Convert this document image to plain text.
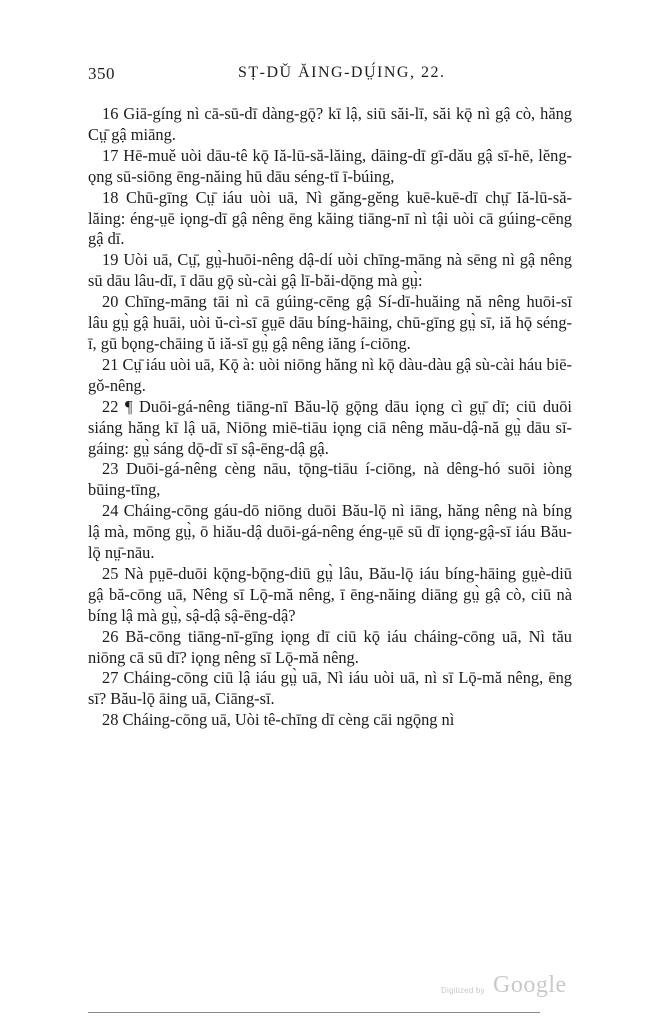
350	SṬ-DǓ ĂING-DṲ́ING, 22.

16 Giā-gíng nì cā-sū-dī dàng-gǭ? kī lậ, siū săi-lī, săi kǭ nì gậ cò, hăng Cṳ̄ gậ miāng.

17 Hē-muě uòi dāu-tê kǭ Iă-lū-să-lăing, dāing-dī gī-dău gậ sī-hē, lĕng-ǫng sū-siōng ēng-năing hū dāu séng-tī ī-búing,

18 Chū-gīng Cṳ̄ iáu uòi uā, Nì găng-gĕng kuē-kuē-dī chṳ̄ Iă-lū-să-lăing: éng-ṳē iǫng-dī gậ nêng ēng kăing tiāng-nī nì tậi uòi cā gúing-cēng gậ dī.

19 Uòi uā, Cṳ̄, gṳ̀-huōi-nêng dậ-dí uòi chīng-māng nà sēng nì gậ nêng sū dāu lâu-dī, ī dāu gǭ sù-cài gậ lī-băi-dǭng mà gṳ̀:

20 Chīng-māng tāi nì cā gúing-cēng gậ Sí-dī-huăing nă nêng huōi-sī lâu gṳ̀ gậ huāi, uòi ŭ-cì-sī gṳē dāu bíng-hāing, chū-gīng gṳ̀ sī, iă hǭ séng-ī, gū bǫng-chāing ŭ iă-sī gṳ̀ gậ nêng iăng í-ciōng.

21 Cṳ̄ iáu uòi uā, Kǭ à: uòi niōng hăng nì kǭ dàu-dàu gậ sù-cài háu biē-gǒ-nêng.

22 ¶ Duōi-gá-nêng tiāng-nī Bău-lǭ gǭng dāu iǫng cì gṳ̄ dī; ciū duōi siáng hăng kī lậ uā, Niōng miē-tiāu iǫng ciā nêng mău-dậ-nă gṳ̀ dāu sī-gáing: gṳ̀ sáng dǭ-dī sī sậ-ēng-dậ gậ.

23 Duōi-gá-nêng cèng nāu, tǭng-tiāu í-ciōng, nà dêng-hó suōi iòng būing-tīng,

24 Cháing-cōng gáu-dō niōng duōi Bău-lǭ nì iāng, hăng nêng nà bíng lậ mà, mōng gṳ̀, ō hiău-dậ duōi-gá-nêng éng-ṳē sū dī iǫng-gậ-sī iáu Bău-lǭ nṳ̄-nāu.

25 Nà pṳē-duōi kǭng-bǭng-diū gṳ̀ lâu, Bău-lǭ iáu bíng-hāing gṳè-diū gậ bă-cōng uā, Nêng sī Lǭ-mă nêng, ī ēng-năing diāng gṳ̀ gậ cò, ciū nà bíng lậ mà gṳ̀, sậ-dậ sậ-ēng-dậ?

26 Bă-cōng tiāng-nī-gīng iǫng dī ciū kǭ iáu cháing-cōng uā, Nì tău niōng cā sū dī? iǫng nêng sī Lǭ-mă nêng.

27 Cháing-cōng ciū lậ iáu gṳ̀ uā, Nì iáu uòi uā, nì sī Lǭ-mă nêng, ēng sī? Bău-lǭ āing uā, Ciāng-sī.

28 Cháing-cōng uā, Uòi tê-chīng dī cèng cāi ngǭng nì

Digitized by Google
